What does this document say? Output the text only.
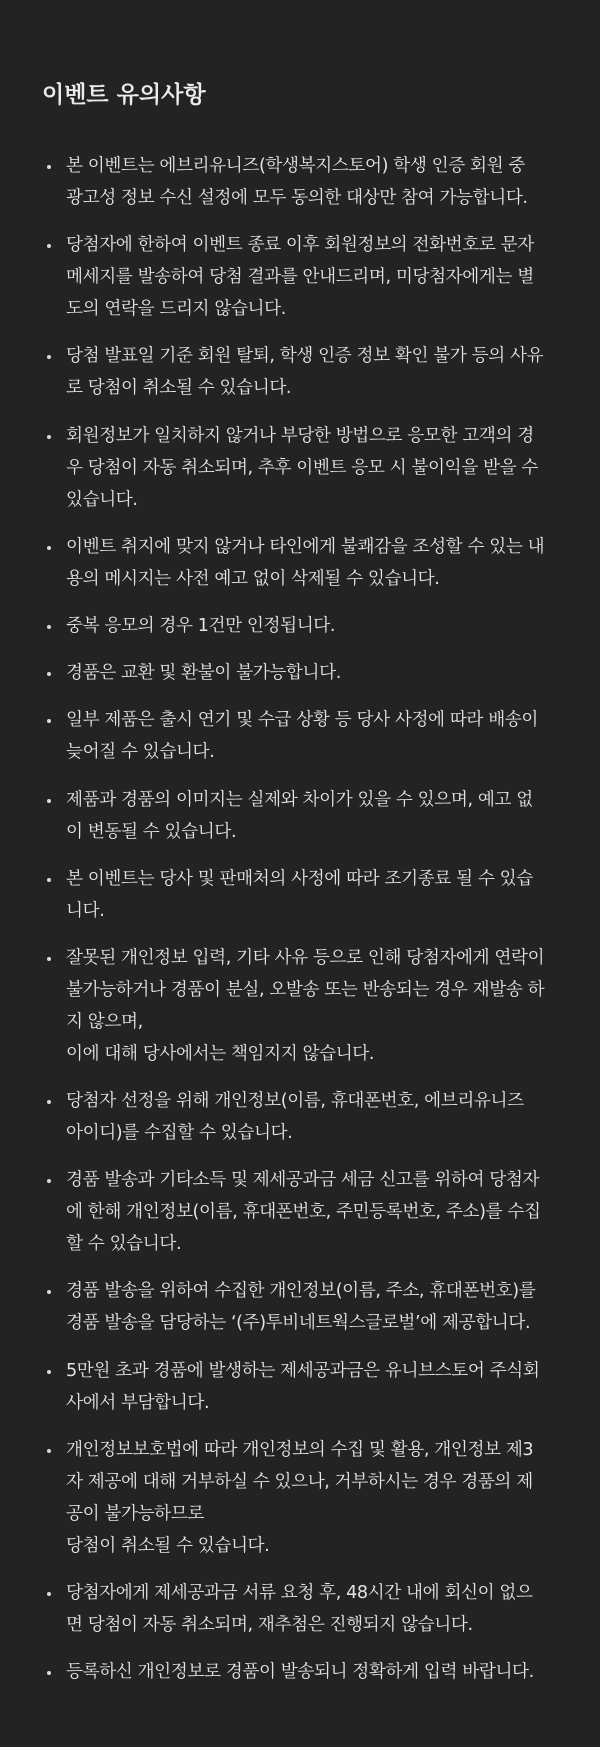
이벤트 유의사항
본 이벤트는 에브리유니즈(학생복지스토어) 학생 인증 회원 중
광고성 정보 수신 설정에 모두 동의한 대상만 참여 가능합니다.
당첨자에 한하여 이벤트 종료 이후 회원정보의 전화번호로 문자
메세지를 발송하여 당첨 결과를 안내드리며, 미당첨자에게는 별
도의 연락을 드리지 않습니다.
당첨 발표일 기준 회원 탈퇴, 학생 인증 정보 확인 불가 등의 사유
로 당첨이 취소될 수 있습니다.
회원정보가 일치하지 않거나 부당한 방법으로 응모한 고객의 경
우 당첨이 자동 취소되며, 추후 이벤트 응모 시 불이익을 받을 수
있습니다.
이벤트 취지에 맞지 않거나 타인에게 불쾌감을 조성할 수 있는 내
용의 메시지는 사전 예고 없이 삭제될 수 있습니다.
중복 응모의 경우 1건만 인정됩니다.
경품은 교환 및 환불이 불가능합니다.
일부 제품은 출시 연기 및 수급 상황 등 당사 사정에 따라 배송이
늦어질 수 있습니다.
제품과 경품의 이미지는 실제와 차이가 있을 수 있으며, 예고 없
이 변동될 수 있습니다.
본 이벤트는 당사 및 판매처의 사정에 따라 조기종료 될 수 있습
니다.
잘못된 개인정보 입력, 기타 사유 등으로 인해 당첨자에게 연락이
불가능하거나 경품이 분실, 오발송 또는 반송되는 경우 재발송 하
지 않으며,
이에 대해 당사에서는 책임지지 않습니다.
당첨자 선정을 위해 개인정보(이름, 휴대폰번호, 에브리유니즈
아이디)를 수집할 수 있습니다.
경품 발송과 기타소득 및 제세공과금 세금 신고를 위하여 당첨자
에 한해 개인정보(이름, 휴대폰번호, 주민등록번호, 주소)를 수집
할 수 있습니다.
경품 발송을 위하여 수집한 개인정보(이름, 주소, 휴대폰번호)를
경품 발송을 담당하는 ‘(주)투비네트웍스글로벌’에 제공합니다.
5만원 초과 경품에 발생하는 제세공과금은 유니브스토어 주식회
사에서 부담합니다.
개인정보보호법에 따라 개인정보의 수집 및 활용, 개인정보 제3
자 제공에 대해 거부하실 수 있으나, 거부하시는 경우 경품의 제
공이 불가능하므로
당첨이 취소될 수 있습니다.
당첨자에게 제세공과금 서류 요청 후, 48시간 내에 회신이 없으
면 당첨이 자동 취소되며, 재추첨은 진행되지 않습니다.
등록하신 개인정보로 경품이 발송되니 정확하게 입력 바랍니다.
